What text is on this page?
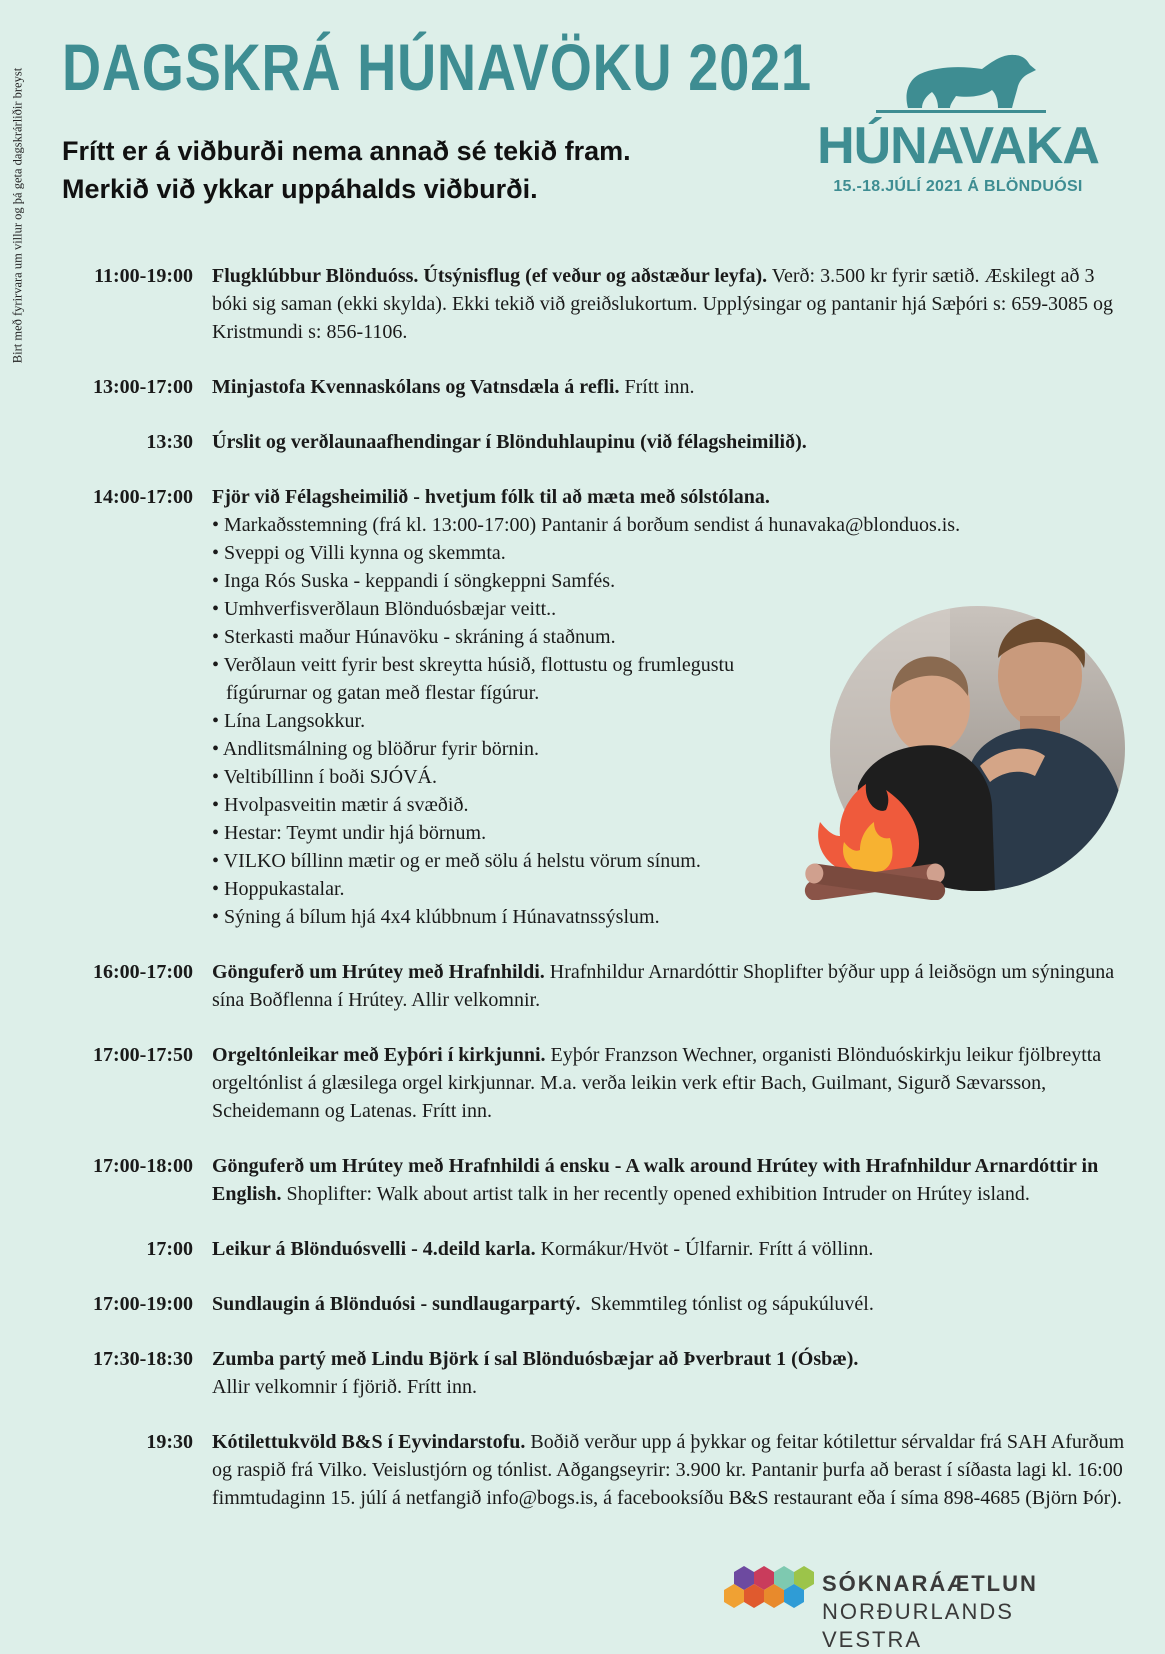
Birt með fyrirvara um villur og þá geta dagskrárliðir breyst
DAGSKRÁ HÚNAVÖKU 2021
Frítt er á viðburði nema annað sé tekið fram.
Merkið við ykkar uppáhalds viðburði.
HÚNAVAKA
15.-18.JÚLÍ 2021 Á BLÖNDUÓSI
11:00-19:00 Flugklúbbur Blönduóss. Útsýnisflug (ef veður og aðstæður leyfa). Verð: 3.500 kr fyrir sætið. Æskilegt að 3 bóki sig saman (ekki skylda). Ekki tekið við greiðslukortum. Upplýsingar og pantanir hjá Sæþóri s: 659-3085 og Kristmundi s: 856-1106.
13:00-17:00 Minjastofa Kvennaskólans og Vatnsdæla á refli. Frítt inn.
13:30 Úrslit og verðlaunaafhendingar í Blönduhlaupinu (við félagsheimilið).
14:00-17:00 Fjör við Félagsheimilið - hvetjum fólk til að mæta með sólstólana.
• Markaðsstemning (frá kl. 13:00-17:00) Pantanir á borðum sendist á hunavaka@blonduos.is.
• Sveppi og Villi kynna og skemmta.
• Inga Rós Suska - keppandi í söngkeppni Samfés.
• Umhverfisverðlaun Blönduósbæjar veitt..
• Sterkasti maður Húnavöku - skráning á staðnum.
• Verðlaun veitt fyrir best skreytta húsið, flottustu og frumlegustu fígúrurnar og gatan með flestar fígúrur.
• Lína Langsokkur.
• Andlitsmálning og blöðrur fyrir börnin.
• Veltibíllinn í boði SJÓVÁ.
• Hvolpasveitin mætir á svæðið.
• Hestar: Teymt undir hjá börnum.
• VILKO bíllinn mætir og er með sölu á helstu vörum sínum.
• Hoppukastalar.
• Sýning á bílum hjá 4x4 klúbbnum í Húnavatnssýslum.
16:00-17:00 Gönguferð um Hrútey með Hrafnhildi. Hrafnhildur Arnardóttir Shoplifter býður upp á leiðsögn um sýninguna sína Boðflenna í Hrútey. Allir velkomnir.
17:00-17:50 Orgeltónleikar með Eyþóri í kirkjunni. Eyþór Franzson Wechner, organisti Blönduóskirkju leikur fjölbreytta orgeltónlist á glæsilega orgel kirkjunnar. M.a. verða leikin verk eftir Bach, Guilmant, Sigurð Sævarsson, Scheidemann og Latenas. Frítt inn.
17:00-18:00 Gönguferð um Hrútey með Hrafnhildi á ensku - A walk around Hrútey with Hrafnhildur Arnardóttir in English. Shoplifter: Walk about artist talk in her recently opened exhibition Intruder on Hrútey island.
17:00 Leikur á Blönduósvelli - 4.deild karla. Kormákur/Hvöt - Úlfarnir. Frítt á völlinn.
17:00-19:00 Sundlaugin á Blönduósi - sundlaugarpartý.  Skemmtileg tónlist og sápukúluvél.
17:30-18:30 Zumba partý með Lindu Björk í sal Blönduósbæjar að Þverbraut 1 (Ósbæ).
Allir velkomnir í fjörið. Frítt inn.
19:30 Kótilettukvöld B&S í Eyvindarstofu. Boðið verður upp á þykkar og feitar kótilettur sérvaldar frá SAH Afurðum og raspið frá Vilko. Veislustjórn og tónlist. Aðgangseyrir: 3.900 kr. Pantanir þurfa að berast í síðasta lagi kl. 16:00 fimmtudaginn 15. júlí á netfangið info@bogs.is, á facebooksíðu B&S restaurant eða í síma 898-4685 (Björn Þór).
SÓKNARÁÆTLUN
NORÐURLANDS VESTRA
